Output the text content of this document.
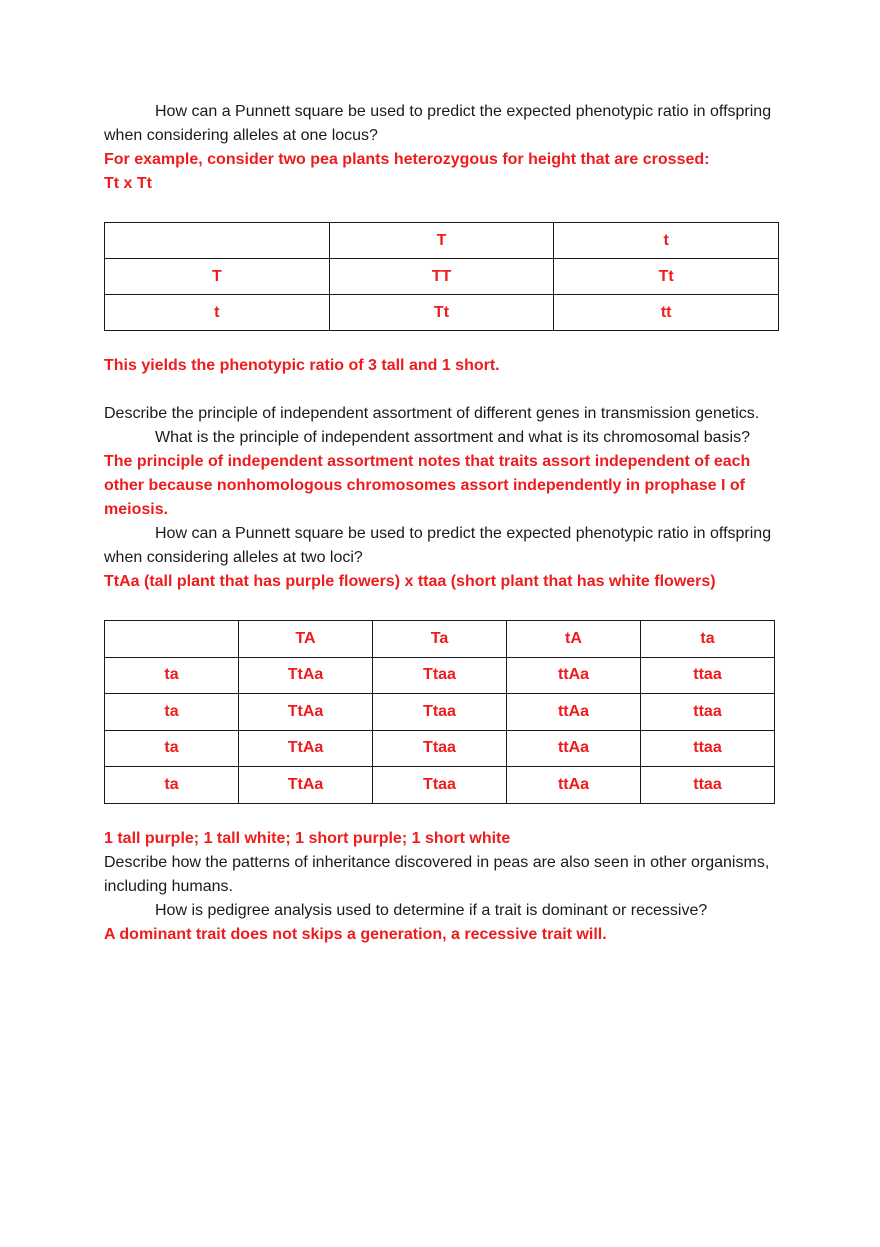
How can a Punnett square be used to predict the expected phenotypic ratio in offspring when considering alleles at one locus?

For example, consider two pea plants heterozygous for height that are crossed:

Tt x Tt

	T	t
T	TT	Tt
t	Tt	tt

This yields the phenotypic ratio of 3 tall and 1 short.

Describe the principle of independent assortment of different genes in transmission genetics.

What is the principle of independent assortment and what is its chromosomal basis?

The principle of independent assortment notes that traits assort independent of each other because nonhomologous chromosomes assort independently in prophase I of meiosis.

How can a Punnett square be used to predict the expected phenotypic ratio in offspring when considering alleles at two loci?

TtAa (tall plant that has purple flowers) x ttaa (short plant that has white flowers)

	TA	Ta	tA	ta
ta	TtAa	Ttaa	ttAa	ttaa
ta	TtAa	Ttaa	ttAa	ttaa
ta	TtAa	Ttaa	ttAa	ttaa
ta	TtAa	Ttaa	ttAa	ttaa

1 tall purple; 1 tall white; 1 short purple; 1 short white

Describe how the patterns of inheritance discovered in peas are also seen in other organisms, including humans.

How is pedigree analysis used to determine if a trait is dominant or recessive?

A dominant trait does not skips a generation, a recessive trait will.
